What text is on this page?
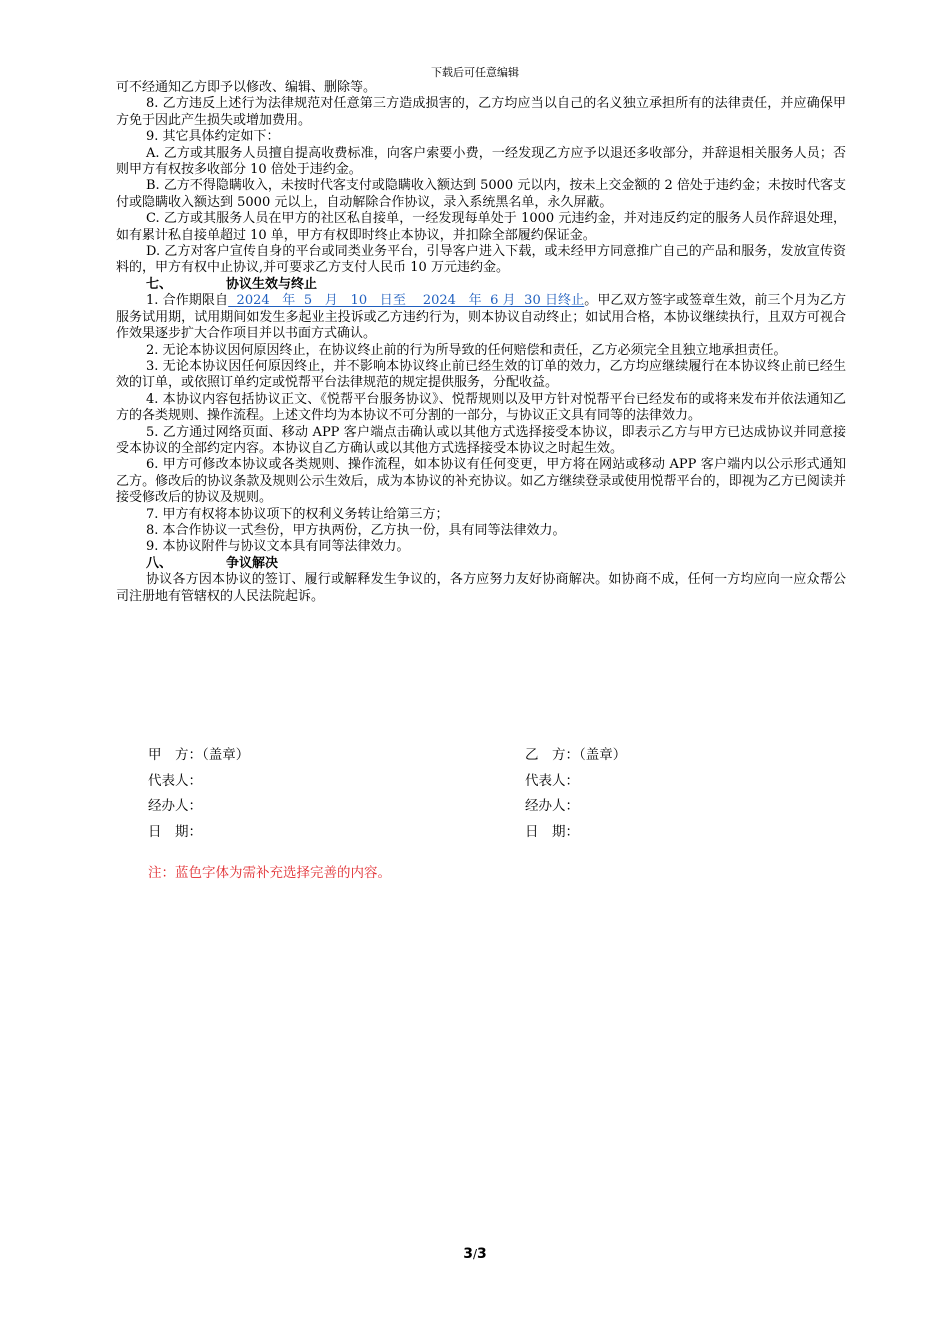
下载后可任意编辑

可不经通知乙方即予以修改、编辑、删除等。

8. 乙方违反上述行为法律规范对任意第三方造成损害的，乙方均应当以自己的名义独立承担所有的法律责任，并应确保甲方免于因此产生损失或增加费用。

9. 其它具体约定如下：

A. 乙方或其服务人员擅自提高收费标准，向客户索要小费，一经发现乙方应予以退还多收部分，并辞退相关服务人员；否则甲方有权按多收部分 10 倍处于违约金。

B. 乙方不得隐瞒收入，未按时代客支付或隐瞒收入额达到 5000 元以内，按未上交金额的 2 倍处于违约金；未按时代客支付或隐瞒收入额达到 5000 元以上，自动解除合作协议，录入系统黑名单，永久屏蔽。

C. 乙方或其服务人员在甲方的社区私自接单，一经发现每单处于 1000 元违约金，并对违反约定的服务人员作辞退处理，如有累计私自接单超过 10 单，甲方有权即时终止本协议，并扣除全部履约保证金。

D. 乙方对客户宣传自身的平台或同类业务平台，引导客户进入下载，或未经甲方同意推广自己的产品和服务，发放宣传资料的，甲方有权中止协议,并可要求乙方支付人民币 10 万元违约金。

七、	协议生效与终止

1. 合作期限自  2024   年  5   月   10   日至    2024   年  6 月  30 日终止。甲乙双方签字或签章生效，前三个月为乙方服务试用期，试用期间如发生多起业主投诉或乙方违约行为，则本协议自动终止；如试用合格，本协议继续执行，且双方可视合作效果逐步扩大合作项目并以书面方式确认。

2. 无论本协议因何原因终止，在协议终止前的行为所导致的任何赔偿和责任，乙方必须完全且独立地承担责任。

3. 无论本协议因任何原因终止，并不影响本协议终止前已经生效的订单的效力，乙方均应继续履行在本协议终止前已经生效的订单，或依照订单约定或悦帮平台法律规范的规定提供服务，分配收益。

4. 本协议内容包括协议正文、《悦帮平台服务协议》、悦帮规则以及甲方针对悦帮平台已经发布的或将来发布并依法通知乙方的各类规则、操作流程。上述文件均为本协议不可分割的一部分，与协议正文具有同等的法律效力。

5. 乙方通过网络页面、移动 APP 客户端点击确认或以其他方式选择接受本协议，即表示乙方与甲方已达成协议并同意接受本协议的全部约定内容。本协议自乙方确认或以其他方式选择接受本协议之时起生效。

6. 甲方可修改本协议或各类规则、操作流程，如本协议有任何变更，甲方将在网站或移动 APP 客户端内以公示形式通知乙方。修改后的协议条款及规则公示生效后，成为本协议的补充协议。如乙方继续登录或使用悦帮平台的，即视为乙方已阅读并接受修改后的协议及规则。

7. 甲方有权将本协议项下的权利义务转让给第三方；

8. 本合作协议一式叁份，甲方执两份，乙方执一份，具有同等法律效力。

9. 本协议附件与协议文本具有同等法律效力。

八、	争议解决

协议各方因本协议的签订、履行或解释发生争议的，各方应努力友好协商解决。如协商不成，任何一方均应向一应众帮公司注册地有管辖权的人民法院起诉。

甲　方：（盖章）	乙　方：（盖章）
代表人：	代表人：
经办人：	经办人：
日　期：	日　期：
注：蓝色字体为需补充选择完善的内容。
3/3
